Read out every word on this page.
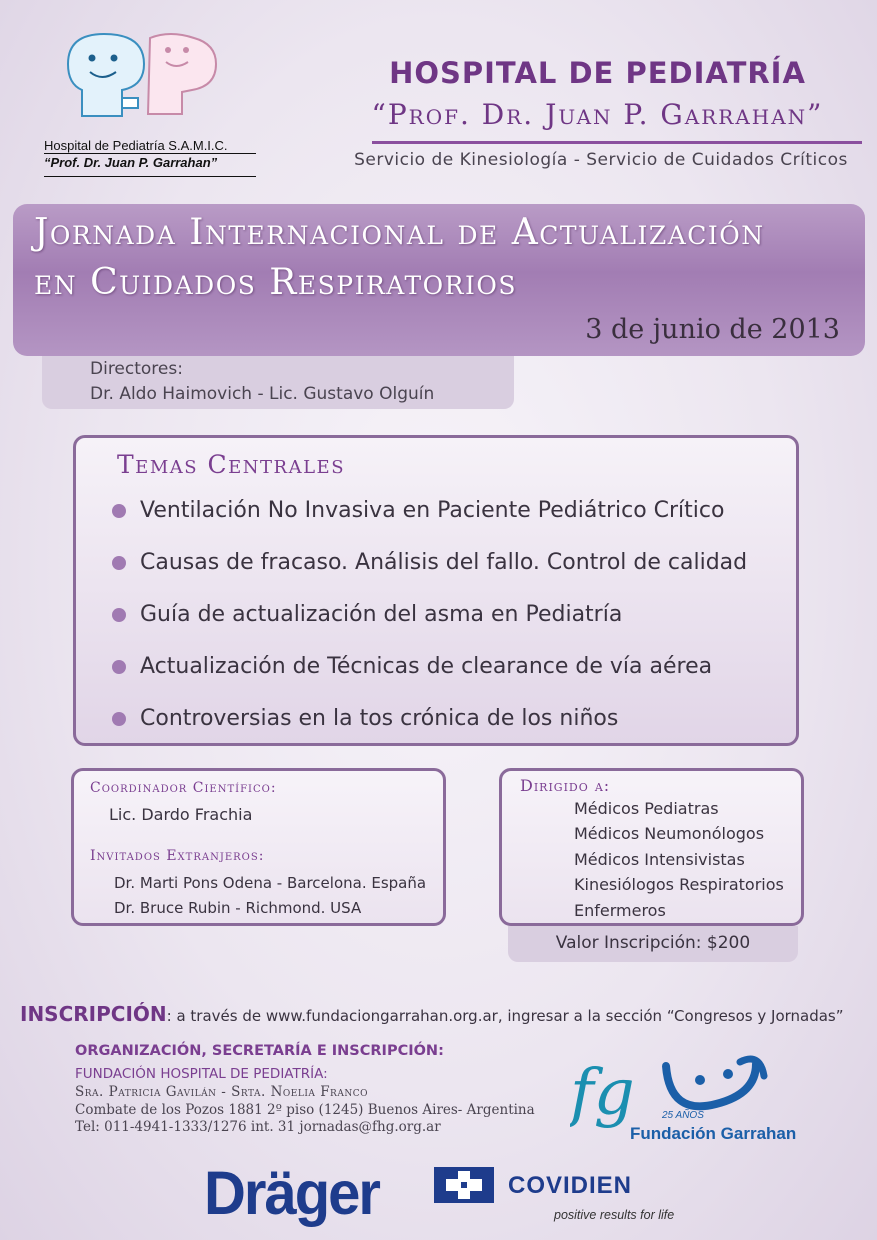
Hospital de Pediatría S.A.M.I.C.
“Prof. Dr. Juan P. Garrahan”
HOSPITAL DE PEDIATRÍA
“Prof. Dr. Juan P. Garrahan”
Servicio de Kinesiología - Servicio de Cuidados Críticos
Jornada Internacional de Actualización
en Cuidados Respiratorios
3 de junio de 2013
Directores:
Dr. Aldo Haimovich - Lic. Gustavo Olguín
Temas Centrales
Ventilación No Invasiva en Paciente Pediátrico Crítico
Causas de fracaso. Análisis del fallo. Control de calidad
Guía de actualización del asma en Pediatría
Actualización de Técnicas de clearance de vía aérea
Controversias en la tos crónica de los niños
Coordinador Científico:
Lic. Dardo Frachia
Invitados Extranjeros:
Dr. Marti Pons Odena - Barcelona. España
Dr. Bruce Rubin - Richmond. USA
Dirigido a:
Médicos Pediatras
Médicos Neumonólogos
Médicos Intensivistas
Kinesiólogos Respiratorios
Enfermeros
Valor Inscripción: $200
INSCRIPCIÓN: a través de www.fundaciongarrahan.org.ar, ingresar a la sección “Congresos y Jornadas”
ORGANIZACIÓN, SECRETARÍA E INSCRIPCIÓN:
FUNDACIÓN HOSPITAL DE PEDIATRÍA:
Sra. Patricia Gavilán - Srta. Noelia Franco
Combate de los Pozos 1881 2º piso (1245) Buenos Aires- Argentina
Tel: 011-4941-1333/1276 int. 31 jornadas@fhg.org.ar fg	25 AÑOS
Fundación Garrahan
Dräger	COVIDIEN
positive results for life
